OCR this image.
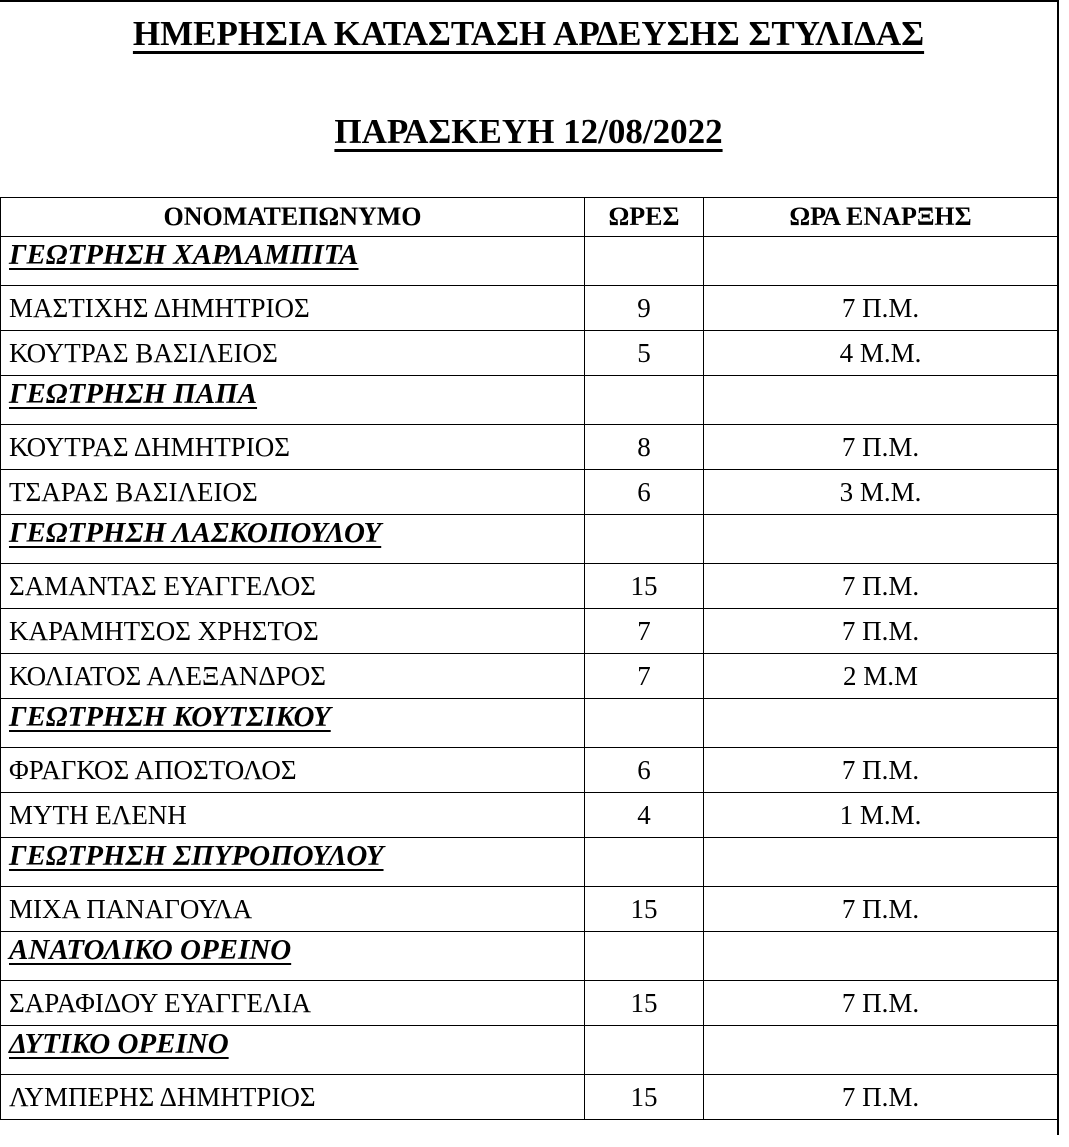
ΗΜΕΡΗΣΙΑ ΚΑΤΑΣΤΑΣΗ ΑΡΔΕΥΣΗΣ ΣΤΥΛΙΔΑΣ
ΠΑΡΑΣΚΕΥΗ 12/08/2022
ΟΝΟΜΑΤΕΠΩΝΥΜΟ	ΩΡΕΣ	ΩΡΑ ΕΝΑΡΞΗΣ
ΓΕΩΤΡΗΣΗ ΧΑΡΛΑΜΠΙΤΑ		
ΜΑΣΤΙΧΗΣ ΔΗΜΗΤΡΙΟΣ	9	7 Π.Μ.
ΚΟΥΤΡΑΣ ΒΑΣΙΛΕΙΟΣ	5	4 Μ.Μ.
ΓΕΩΤΡΗΣΗ ΠΑΠΑ		
ΚΟΥΤΡΑΣ ΔΗΜΗΤΡΙΟΣ	8	7 Π.Μ.
ΤΣΑΡΑΣ ΒΑΣΙΛΕΙΟΣ	6	3 Μ.Μ.
ΓΕΩΤΡΗΣΗ ΛΑΣΚΟΠΟΥΛΟΥ		
ΣΑΜΑΝΤΑΣ ΕΥΑΓΓΕΛΟΣ	15	7 Π.Μ.
ΚΑΡΑΜΗΤΣΟΣ ΧΡΗΣΤΟΣ	7	7 Π.Μ.
ΚΟΛΙΑΤΟΣ ΑΛΕΞΑΝΔΡΟΣ	7	2 Μ.Μ
ΓΕΩΤΡΗΣΗ ΚΟΥΤΣΙΚΟΥ		
ΦΡΑΓΚΟΣ ΑΠΟΣΤΟΛΟΣ	6	7 Π.Μ.
ΜΥΤΗ ΕΛΕΝΗ	4	1 Μ.Μ.
ΓΕΩΤΡΗΣΗ ΣΠΥΡΟΠΟΥΛΟΥ		
ΜΙΧΑ ΠΑΝΑΓΟΥΛΑ	15	7 Π.Μ.
ΑΝΑΤΟΛΙΚΟ ΟΡΕΙΝΟ		
ΣΑΡΑΦΙΔΟΥ ΕΥΑΓΓΕΛΙΑ	15	7 Π.Μ.
ΔΥΤΙΚΟ ΟΡΕΙΝΟ		
ΛΥΜΠΕΡΗΣ ΔΗΜΗΤΡΙΟΣ	15	7 Π.Μ.
